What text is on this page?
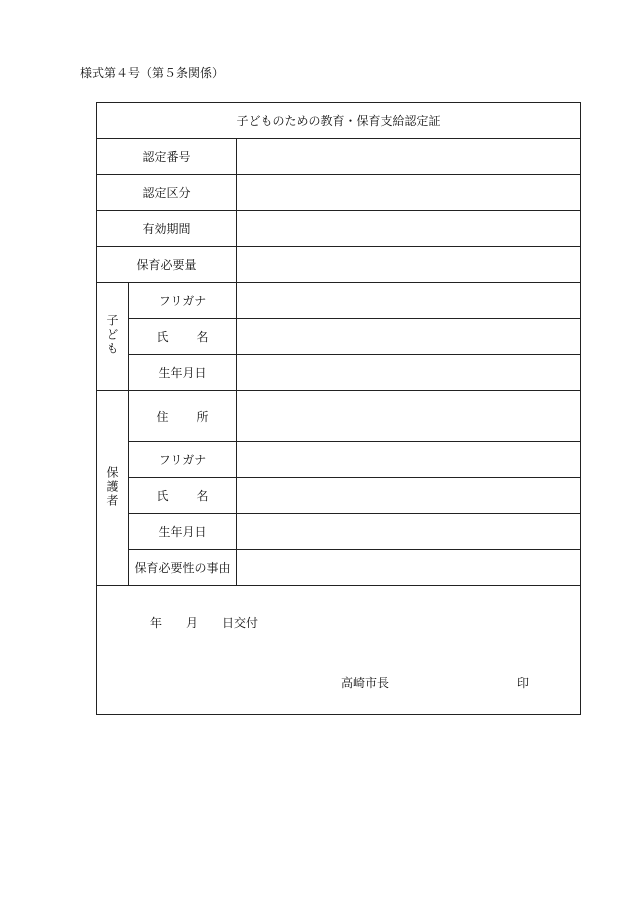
様式第４号（第５条関係）
子どものための教育・保育支給認定証		
認定番号		
認定区分		
有効期間		
保育必要量		
子ども	フリガナ	
	氏 名	
	生年月日	
保護者	住 所	
	フリガナ	
	氏 名	
	生年月日	
	保育必要性の事由	

年 月 日交付
高崎市長 印		
